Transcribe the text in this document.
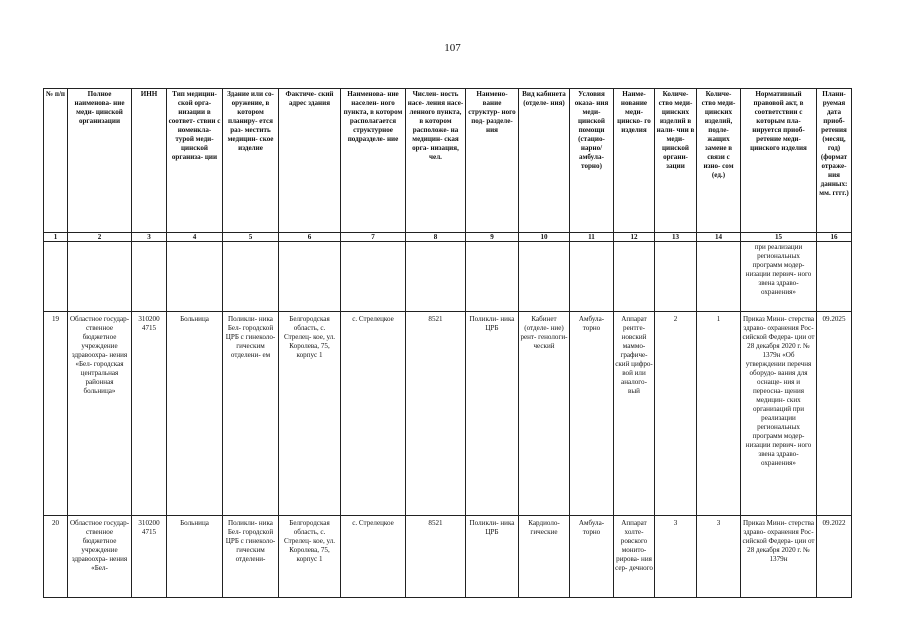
107
№ п/п	Полное наименова- ние меди- цинской организации	ИНН	Тип медицин- ской орга- низации в соответ- ствии с номенкла- турой меди- цинской организа- ции	Здание или со- оружение, в котором планиру- ется раз- местить медицин- ское изделие	Фактиче- ский адрес здания	Наименова- ние населен- ного пункта, в котором располагается структурное подразделе- ние	Числен- ность насе- ления насе- ленного пункта, в котором расположе- на медицин- ская орга- низация, чел.	Наимено- вание структур- ного под- разделе- ния	Вид кабинета (отделе- ния)	Условия оказа- ния меди- цинской помощи (стацио- нарно/ амбула- торно)	Наиме- нование меди- цинско- го изделия	Количе- ство меди- цинских изделий в нали- чии в меди- цинской органи- зации	Количе- ство меди- цинских изделий, подле- жащих замене в связи с изно- сом (ед.)	Нормативный правовой акт, в соответствии с которым пла- нируется приоб- ретение меди- цинского изделия	Плани- руемая дата приоб- ретения (месяц, год) (формат отраже- ния данных: мм. гггг.)
1	2	3	4	5	6	7	8	9	10	11	12	13	14	15	16
														при реализации региональных программ модер- низации первич- ного звена здраво- охранения»	
19	Областное государ- ственное бюджетное учреждение здравоохра- нения «Бел- городская центральная районная больница»	310200 4715	Больница	Поликли- ника Бел- городской ЦРБ с гинеколо- гическим отделени- ем	Белгородская область, с. Стрелец- кое, ул. Королева, 75, корпус 1	с. Стрелецкое	8521	Поликли- ника ЦРБ	Кабинет (отделе- ние) рент- генологи- ческий	Амбула- торно	Аппарат рентге- новский маммо- графиче- ский цифро- вой или аналого- вый	2	1	Приказ Мини- стерства здраво- охранения Рос- сийской Федера- ции от 28 декабря 2020 г. № 1379н «Об утверждении перечня оборудо- вания для оснаще- ния и переосна- щения медицин- ских организаций при реализации региональных программ модер- низации первич- ного звена здраво- охранения»	09.2025
20	Областное государ- ственное бюджетное учреждение здравоохра- нения «Бел-	310200 4715	Больница	Поликли- ника Бел- городской ЦРБ с гинеколо- гическим отделени-	Белгородская область, с. Стрелец- кое, ул. Королева, 75, корпус 1	с. Стрелецкое	8521	Поликли- ника ЦРБ	Кардиоло- гические	Амбула- торно	Аппарат холте- ровского монито- рирова- ния сер- дечного	3	3	Приказ Мини- стерства здраво- охранения Рос- сийской Федера- ции от 28 декабря 2020 г. № 1379н	09.2022
